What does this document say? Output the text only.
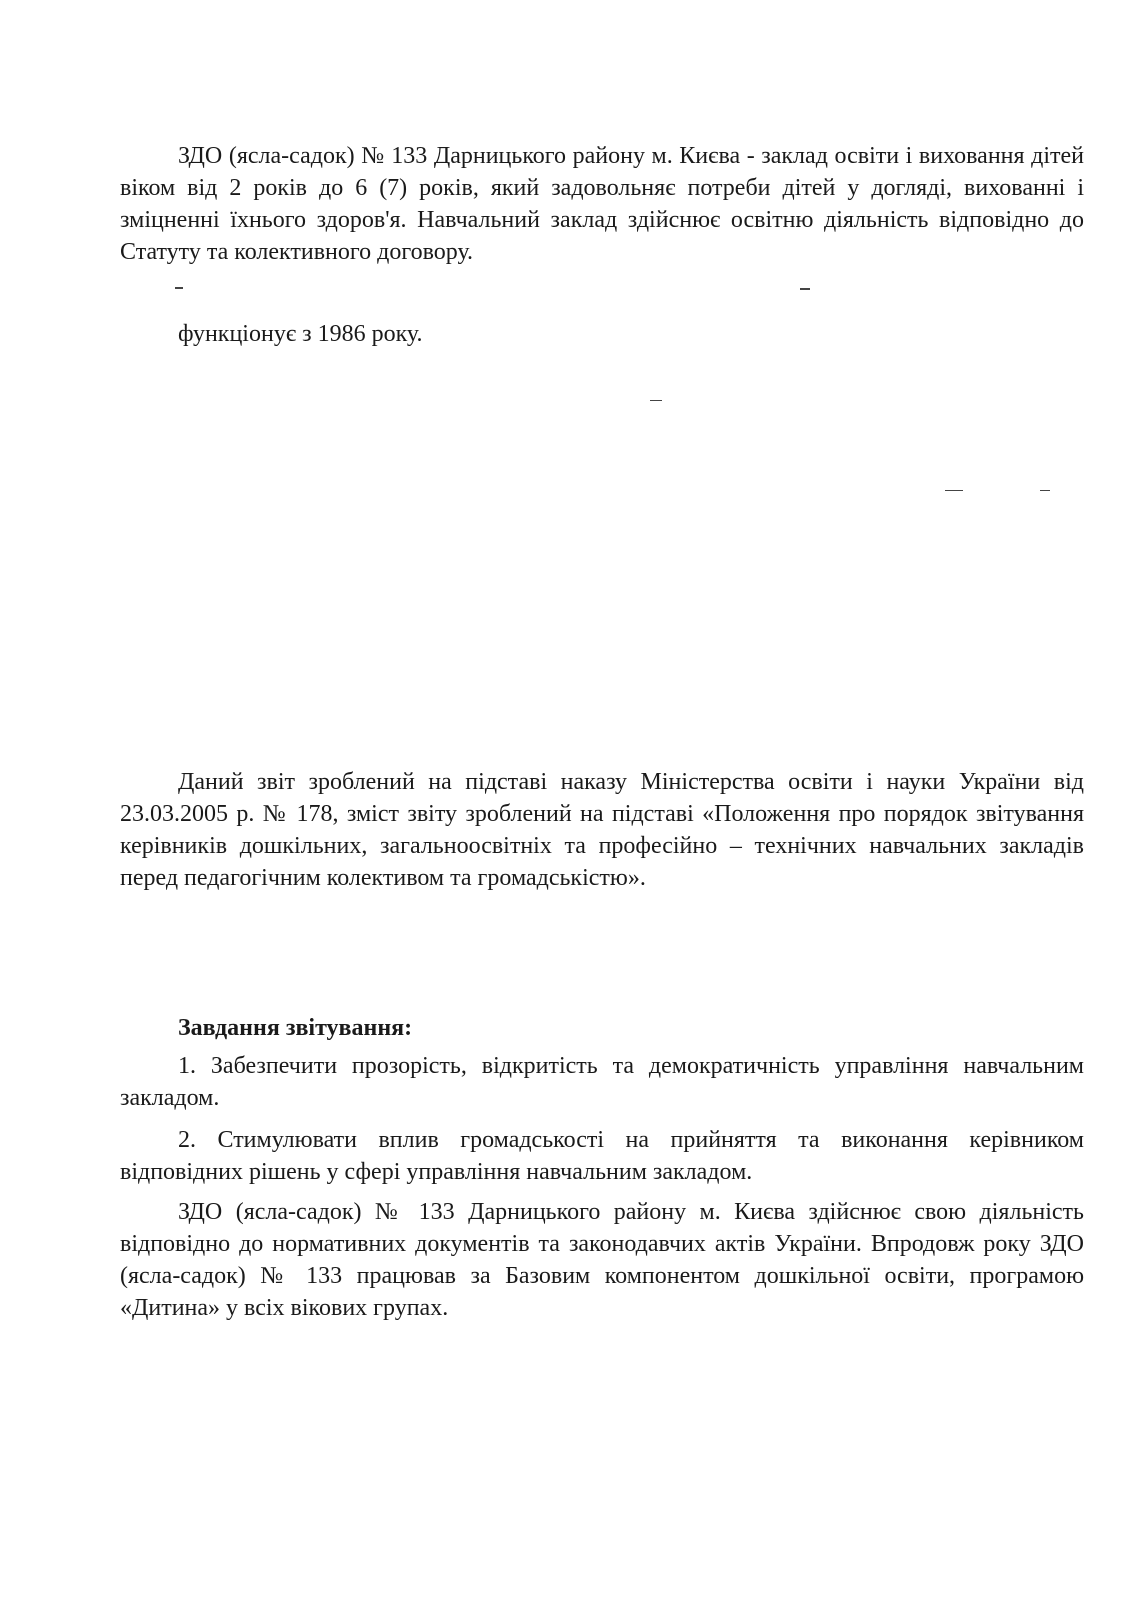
ЗДО (ясла-садок) № 133 Дарницького району м. Києва - заклад освіти і виховання дітей віком від 2 років до 6 (7) років, який задовольняє потреби дітей у догляді, вихованні і зміцненні їхнього здоров'я. Навчальний заклад здійснює освітню діяльність відповідно до Статуту та колективного договору.

функціонує з 1986 року.

Даний звіт зроблений на підставі наказу Міністерства освіти і науки України від 23.03.2005 р. № 178, зміст звіту зроблений на підставі «Положення про порядок звітування керівників дошкільних, загальноосвітніх та професійно – технічних навчальних закладів перед педагогічним колективом та громадськістю».

Завдання звітування:

1. Забезпечити прозорість, відкритість та демократичність управління навчальним закладом.

2. Стимулювати вплив громадськості на прийняття та виконання керівником відповідних рішень у сфері управління навчальним закладом.

ЗДО (ясла-садок) № 133 Дарницького району м. Києва здійснює свою діяльність відповідно до нормативних документів та законодавчих актів України. Впродовж року ЗДО (ясла-садок) № 133 працював за Базовим компонентом дошкільної освіти, програмою «Дитина» у всіх вікових групах.
